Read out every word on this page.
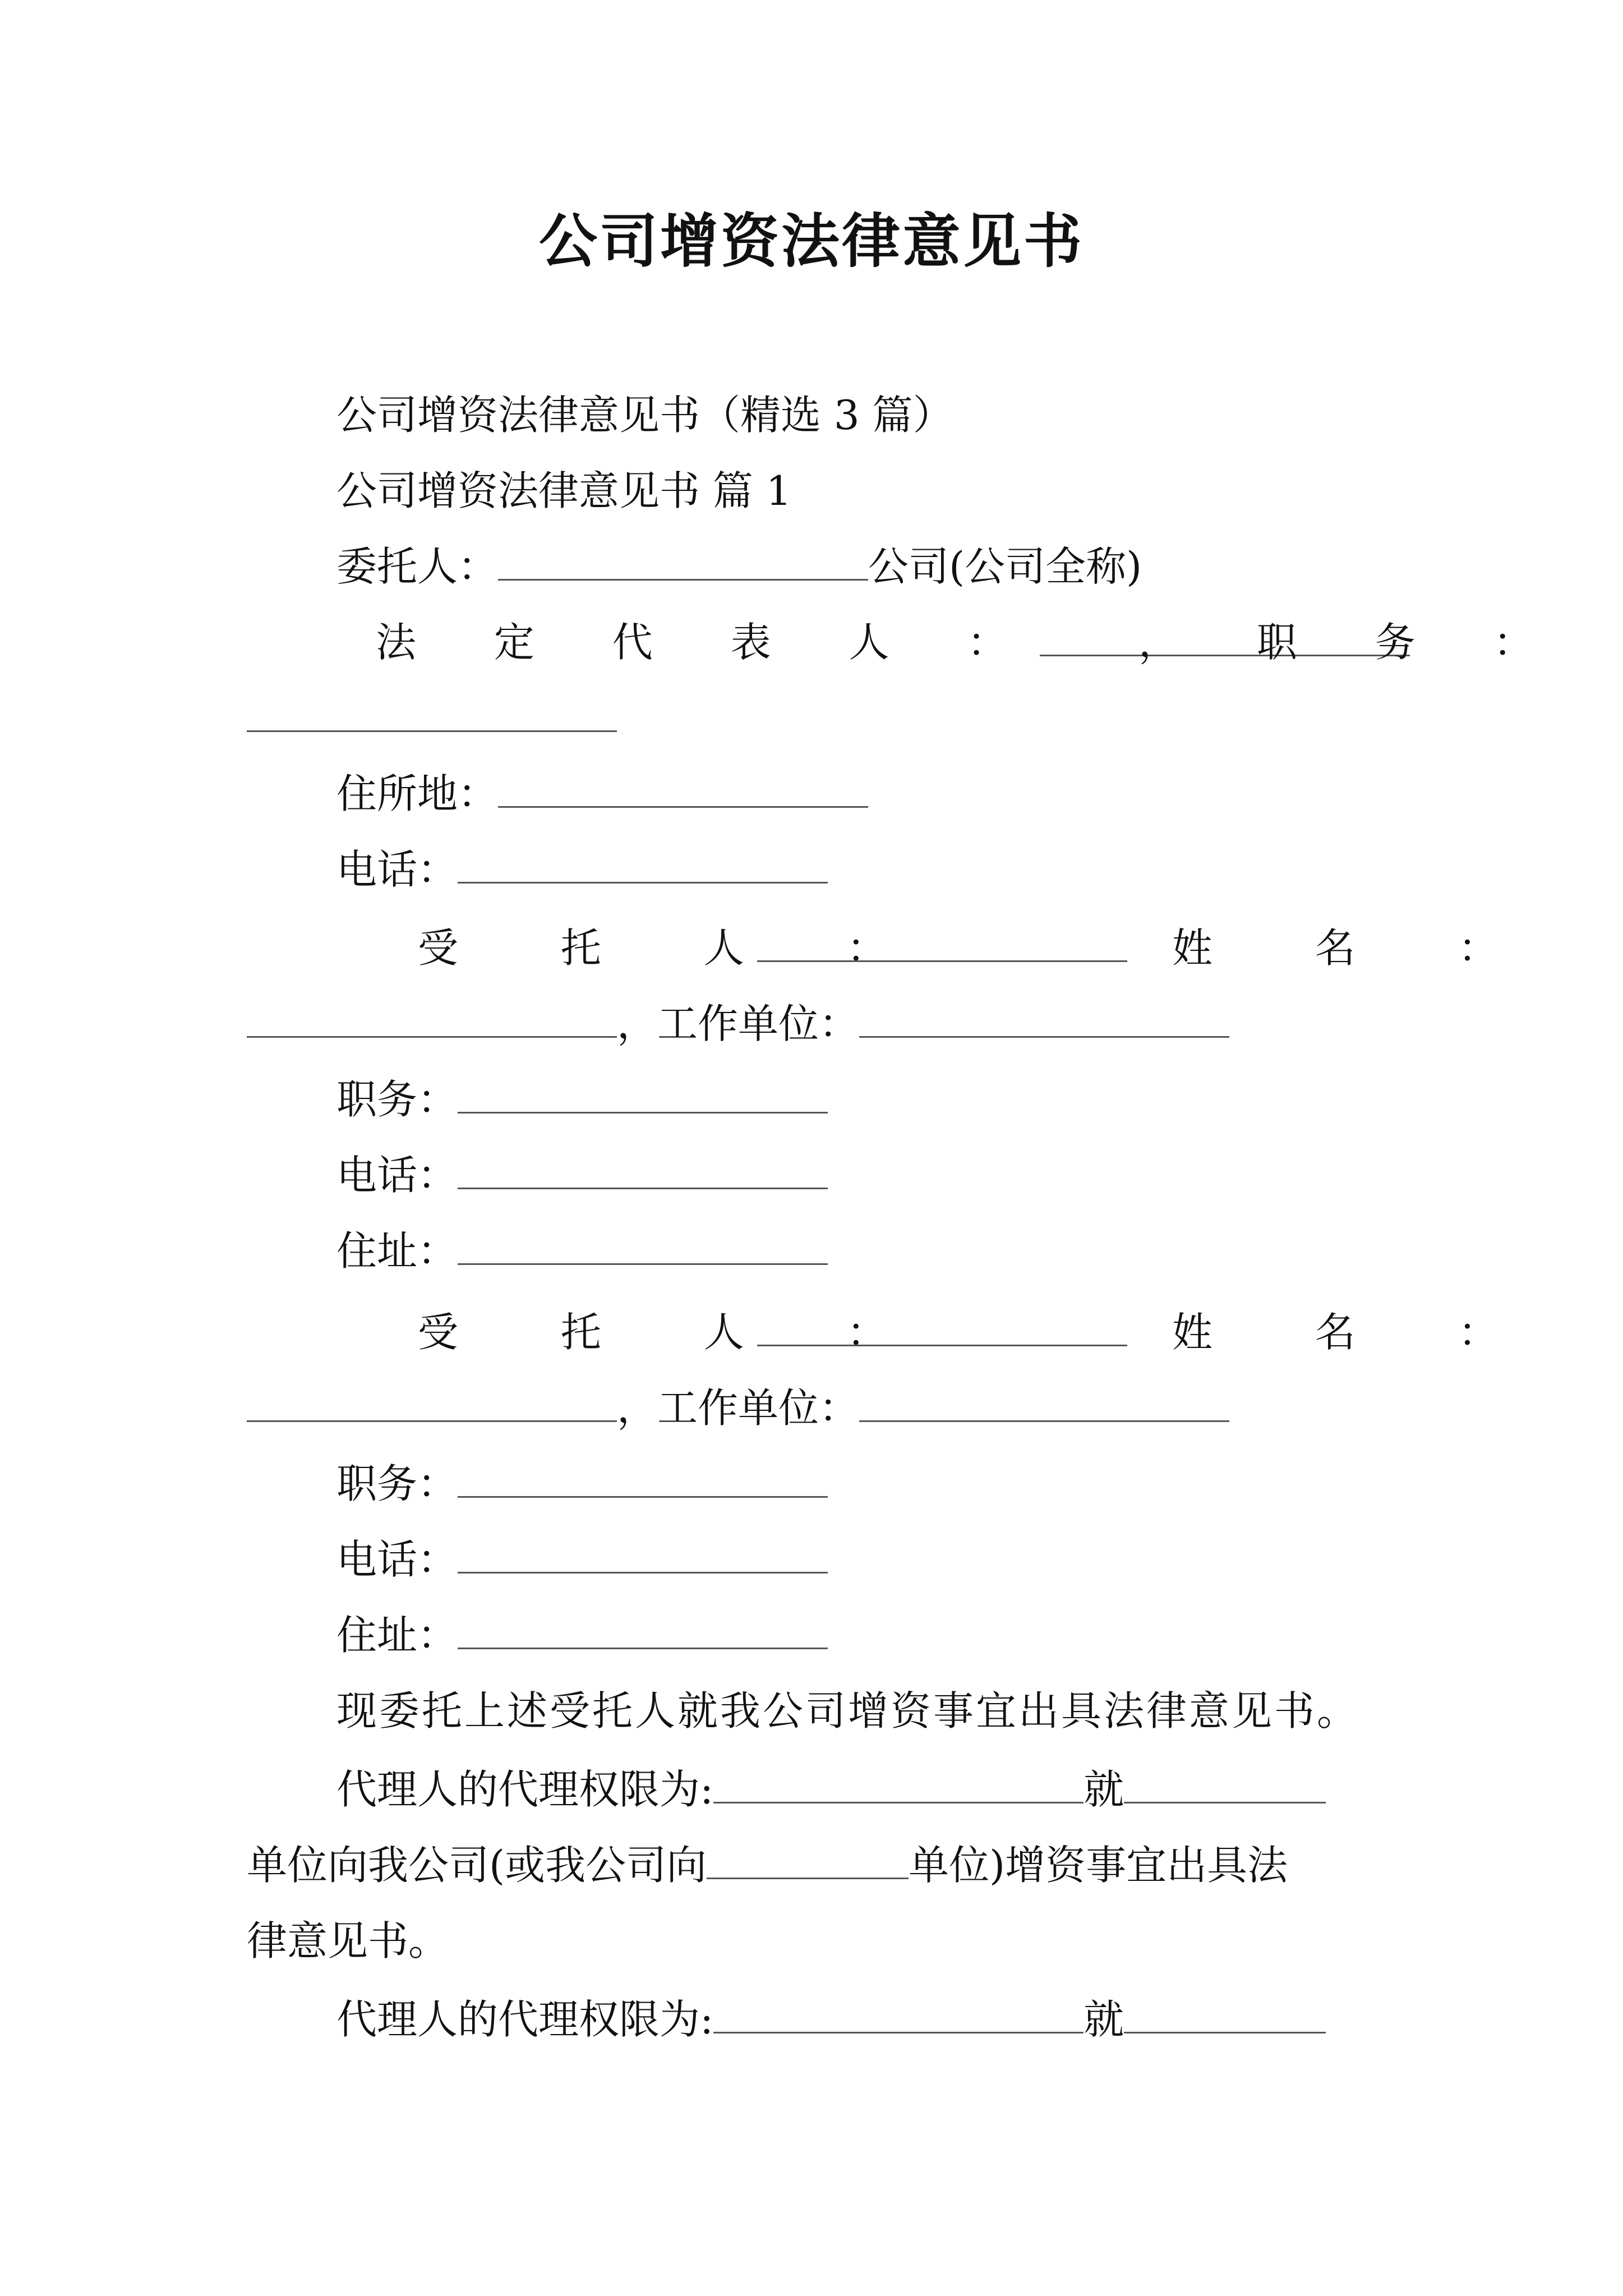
公司增资法律意见书
公司增资法律意见书（精选 3 篇）
公司增资法律意见书 篇 1
委托人：	公司(公司全称)
法 定 代 表 人 ：	， 职 务 ：
住所地：
电话：
受 托 人 ：	姓 名 ：
，工作单位：
职务：
电话：
住址：
受 托 人 ：	姓 名 ：
，工作单位：
职务：
电话：
住址：
现委托上述受托人就我公司增资事宜出具法律意见书。
代理人的代理权限为:	就
单位向我公司(或我公司向	单位)增资事宜出具法
律意见书。
代理人的代理权限为:	就
